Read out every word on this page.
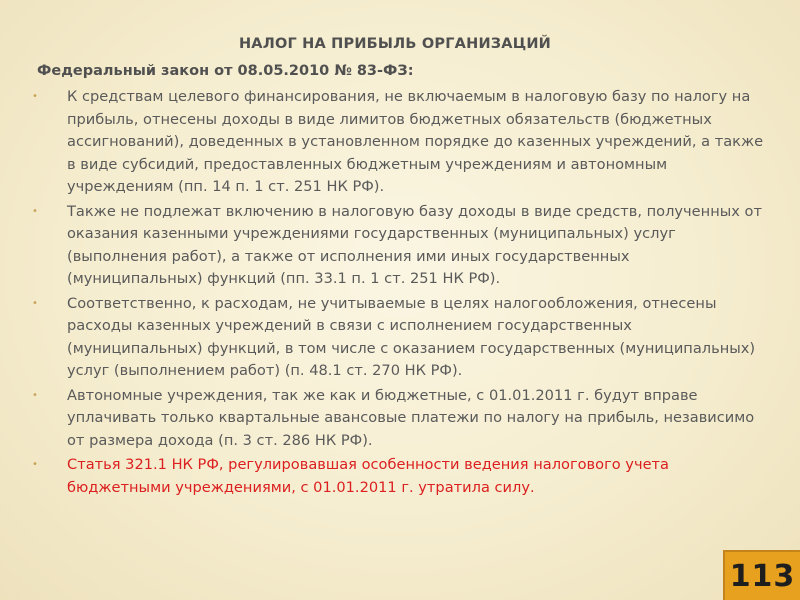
НАЛОГ НА ПРИБЫЛЬ ОРГАНИЗАЦИЙ
Федеральный закон от 08.05.2010 № 83-ФЗ:
• К средствам целевого финансирования, не включаемым в налоговую базу по налогу на прибыль, отнесены доходы в виде лимитов бюджетных обязательств (бюджетных ассигнований), доведенных в установленном порядке до казенных учреждений, а также в виде субсидий, предоставленных бюджетным учреждениям и автономным учреждениям (пп. 14 п. 1 ст. 251 НК РФ).
• Также не подлежат включению в налоговую базу доходы в виде средств, полученных от оказания казенными учреждениями государственных (муниципальных) услуг (выполнения работ), а также от исполнения ими иных государственных (муниципальных) функций (пп. 33.1 п. 1 ст. 251 НК РФ).
• Соответственно, к расходам, не учитываемые в целях налогообложения, отнесены расходы казенных учреждений в связи с исполнением государственных (муниципальных) функций, в том числе с оказанием государственных (муниципальных) услуг (выполнением работ) (п. 48.1 ст. 270 НК РФ).
• Автономные учреждения, так же как и бюджетные, с 01.01.2011 г. будут вправе уплачивать только квартальные авансовые платежи по налогу на прибыль, независимо от размера дохода (п. 3 ст. 286 НК РФ).
• Статья 321.1 НК РФ, регулировавшая особенности ведения налогового учета бюджетными учреждениями, с 01.01.2011 г. утратила силу.
113
